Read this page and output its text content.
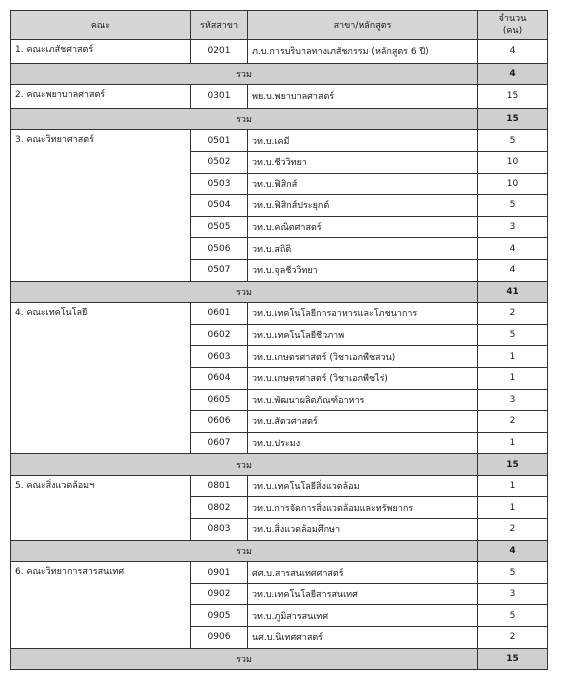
คณะ	รหัสสาขา	สาขา/หลักสูตร	จำนวน
(คน)
1. คณะเภสัชศาสตร์	0201	ภ.บ.การบริบาลทางเภสัชกรรม (หลักสูตร 6 ปี)	4
รวม			4
2. คณะพยาบาลศาสตร์	0301	พย.บ.พยาบาลศาสตร์	15
รวม			15
3. คณะวิทยาศาสตร์	0501	วท.บ.เคมี	5
	0502	วท.บ.ชีววิทยา	10
	0503	วท.บ.ฟิสิกส์	10
	0504	วท.บ.ฟิสิกส์ประยุกต์	5
	0505	วท.บ.คณิตศาสตร์	3
	0506	วท.บ.สถิติ	4
	0507	วท.บ.จุลชีววิทยา	4
รวม			41
4. คณะเทคโนโลยี	0601	วท.บ.เทคโนโลยีการอาหารและโภชนาการ	2
	0602	วท.บ.เทคโนโลยีชีวภาพ	5
	0603	วท.บ.เกษตรศาสตร์ (วิชาเอกพืชสวน)	1
	0604	วท.บ.เกษตรศาสตร์ (วิชาเอกพืชไร่)	1
	0605	วท.บ.พัฒนาผลิตภัณฑ์อาหาร	3
	0606	วท.บ.สัตวศาสตร์	2
	0607	วท.บ.ประมง	1
รวม			15
5. คณะสิ่งแวดล้อมฯ	0801	วท.บ.เทคโนโลยีสิ่งแวดล้อม	1
	0802	วท.บ.การจัดการสิ่งแวดล้อมและทรัพยากร	1
	0803	วท.บ.สิ่งแวดล้อมศึกษา	2
รวม			4
6. คณะวิทยาการสารสนเทศ	0901	ศศ.บ.สารสนเทศศาสตร์	5
	0902	วท.บ.เทคโนโลยีสารสนเทศ	3
	0905	วท.บ.ภูมิสารสนเทศ	5
	0906	นศ.บ.นิเทศศาสตร์	2
รวม			15
